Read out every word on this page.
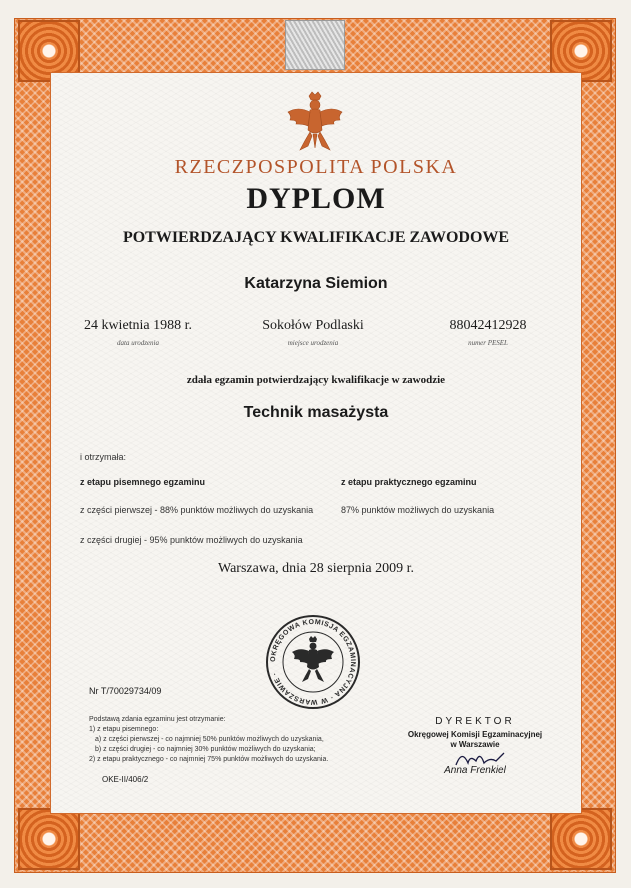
RZECZPOSPOLITA POLSKA
DYPLOM
POTWIERDZAJĄCY KWALIFIKACJE ZAWODOWE
Katarzyna Siemion
24 kwietnia 1988 r.
data urodzenia
Sokołów Podlaski
miejsce urodzenia
88042412928
numer PESEL
zdała egzamin potwierdzający kwalifikacje w zawodzie
Technik masażysta
i otrzymała:
z etapu pisemnego egzaminu	z etapu praktycznego egzaminu
z części pierwszej - 88% punktów możliwych do uzyskania	87% punktów możliwych do uzyskania
z części drugiej - 95% punktów możliwych do uzyskania
Warszawa, dnia 28 sierpnia 2009 r.
OKRĘGOWA KOMISJA EGZAMINACYJNA · W WARSZAWIE ·
Nr T/70029734/09
Podstawą zdania egzaminu jest otrzymanie:
1) z etapu pisemnego:
a) z części pierwszej - co najmniej 50% punktów możliwych do uzyskania,
b) z części drugiej - co najmniej 30% punktów możliwych do uzyskania;
2) z etapu praktycznego - co najmniej 75% punktów możliwych do uzyskania.
DYREKTOR
Okręgowej Komisji Egzaminacyjnej
w Warszawie
Anna Frenkiel
OKE-II/406/2
